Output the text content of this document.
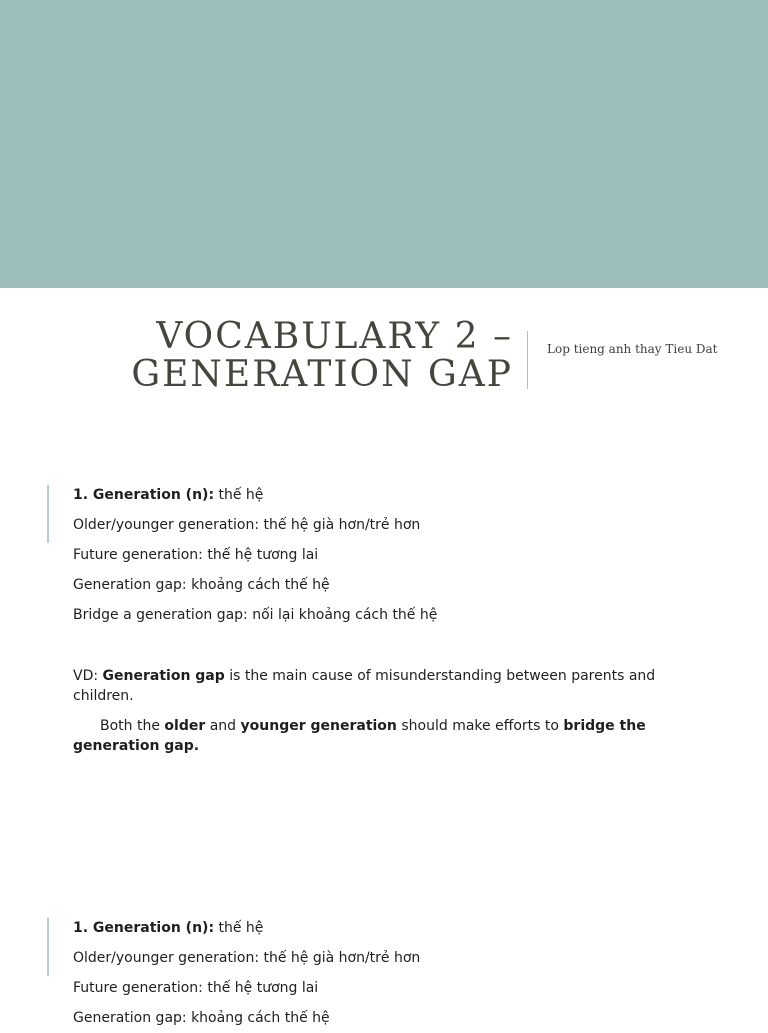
VOCABULARY 2 –
GENERATION GAP
Lop tieng anh thay Tieu Dat
1. Generation (n): thế hệ
Older/younger generation: thế hệ già hơn/trẻ hơn
Future generation: thế hệ tương lai
Generation gap: khoảng cách thế hệ
Bridge a generation gap: nối lại khoảng cách thế hệ

VD: Generation gap is the main cause of misunderstanding between parents and children.

Both the older and younger generation should make efforts to bridge the generation gap.

1. Generation (n): thế hệ
Older/younger generation: thế hệ già hơn/trẻ hơn
Future generation: thế hệ tương lai
Generation gap: khoảng cách thế hệ
